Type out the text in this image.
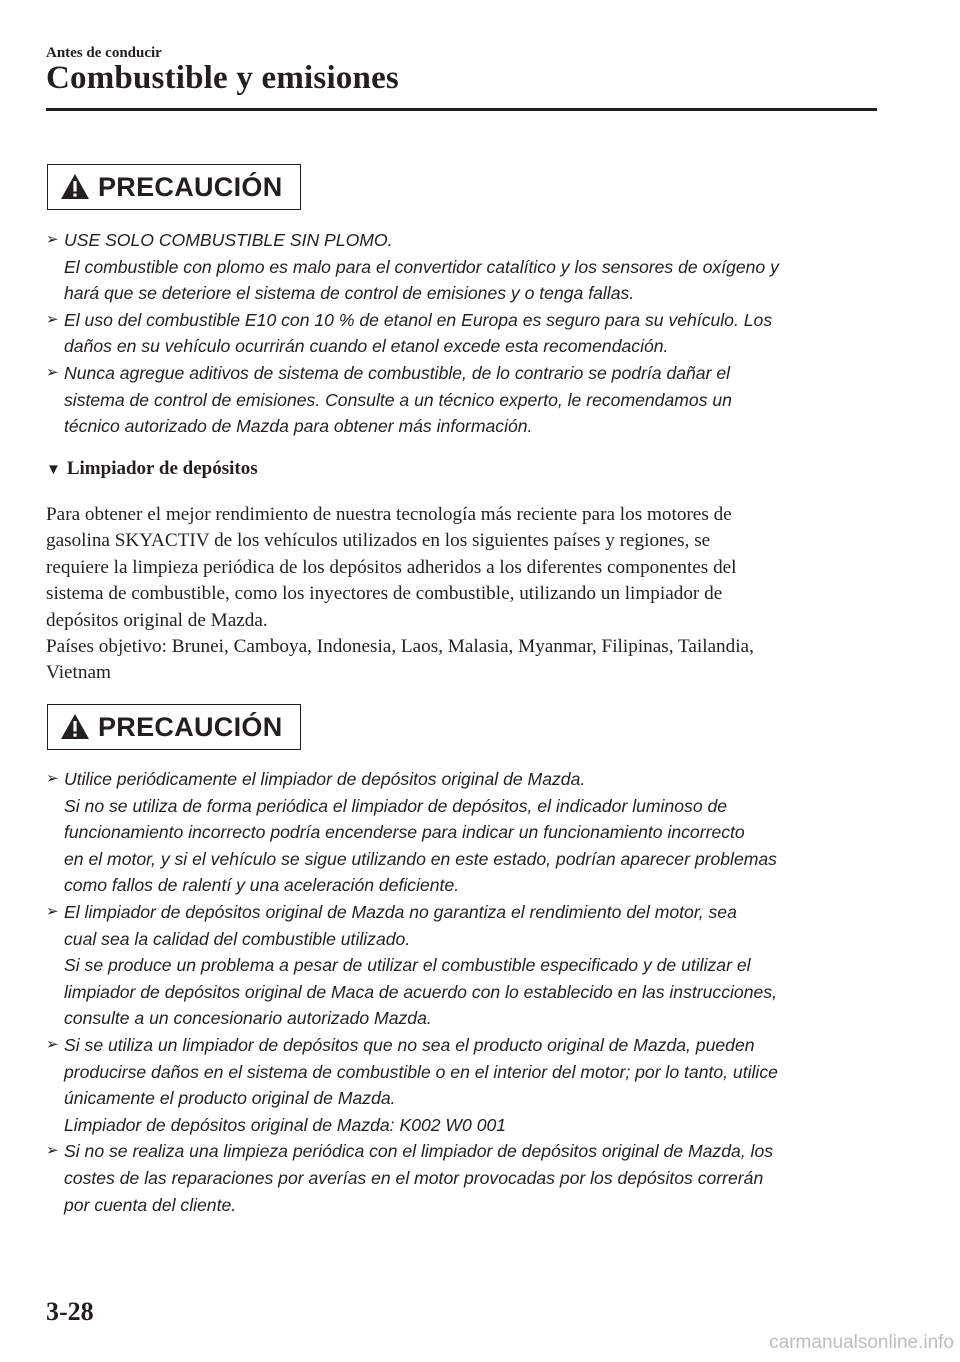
Antes de conducir
Combustible y emisiones
PRECAUCIÓN
➢ USE SOLO COMBUSTIBLE SIN PLOMO.
El combustible con plomo es malo para el convertidor catalítico y los sensores de oxígeno y
hará que se deteriore el sistema de control de emisiones y o tenga fallas.
➢ El uso del combustible E10 con 10 % de etanol en Europa es seguro para su vehículo. Los
daños en su vehículo ocurrirán cuando el etanol excede esta recomendación.
➢ Nunca agregue aditivos de sistema de combustible, de lo contrario se podría dañar el
sistema de control de emisiones. Consulte a un técnico experto, le recomendamos un
técnico autorizado de Mazda para obtener más información.
▼ Limpiador de depósitos
Para obtener el mejor rendimiento de nuestra tecnología más reciente para los motores de
gasolina SKYACTIV de los vehículos utilizados en los siguientes países y regiones, se
requiere la limpieza periódica de los depósitos adheridos a los diferentes componentes del
sistema de combustible, como los inyectores de combustible, utilizando un limpiador de
depósitos original de Mazda.
Países objetivo: Brunei, Camboya, Indonesia, Laos, Malasia, Myanmar, Filipinas, Tailandia,
Vietnam
PRECAUCIÓN
➢ Utilice periódicamente el limpiador de depósitos original de Mazda.
Si no se utiliza de forma periódica el limpiador de depósitos, el indicador luminoso de
funcionamiento incorrecto podría encenderse para indicar un funcionamiento incorrecto
en el motor, y si el vehículo se sigue utilizando en este estado, podrían aparecer problemas
como fallos de ralentí y una aceleración deficiente.
➢ El limpiador de depósitos original de Mazda no garantiza el rendimiento del motor, sea
cual sea la calidad del combustible utilizado.
Si se produce un problema a pesar de utilizar el combustible especificado y de utilizar el
limpiador de depósitos original de Maca de acuerdo con lo establecido en las instrucciones,
consulte a un concesionario autorizado Mazda.
➢ Si se utiliza un limpiador de depósitos que no sea el producto original de Mazda, pueden
producirse daños en el sistema de combustible o en el interior del motor; por lo tanto, utilice
únicamente el producto original de Mazda.
Limpiador de depósitos original de Mazda: K002 W0 001
➢ Si no se realiza una limpieza periódica con el limpiador de depósitos original de Mazda, los
costes de las reparaciones por averías en el motor provocadas por los depósitos correrán
por cuenta del cliente.
3-28
carmanualsonline.info
